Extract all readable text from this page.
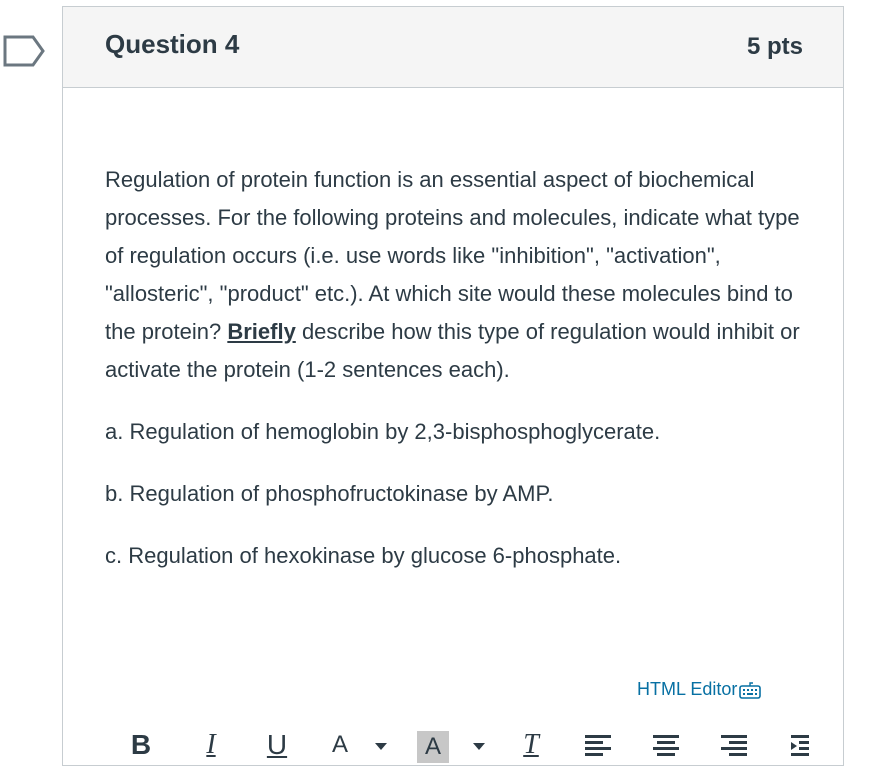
Question 4	5 pts

Regulation of protein function is an essential aspect of biochemical processes. For the following proteins and molecules, indicate what type of regulation occurs (i.e. use words like "inhibition", "activation", "allosteric", "product" etc.). At which site would these molecules bind to the protein? Briefly describe how this type of regulation would inhibit or activate the protein (1-2 sentences each).

a. Regulation of hemoglobin by 2,3-bisphosphoglycerate.

b. Regulation of phosphofructokinase by AMP.

c. Regulation of hexokinase by glucose 6-phosphate.

HTML Editor
B I U A	A	T
